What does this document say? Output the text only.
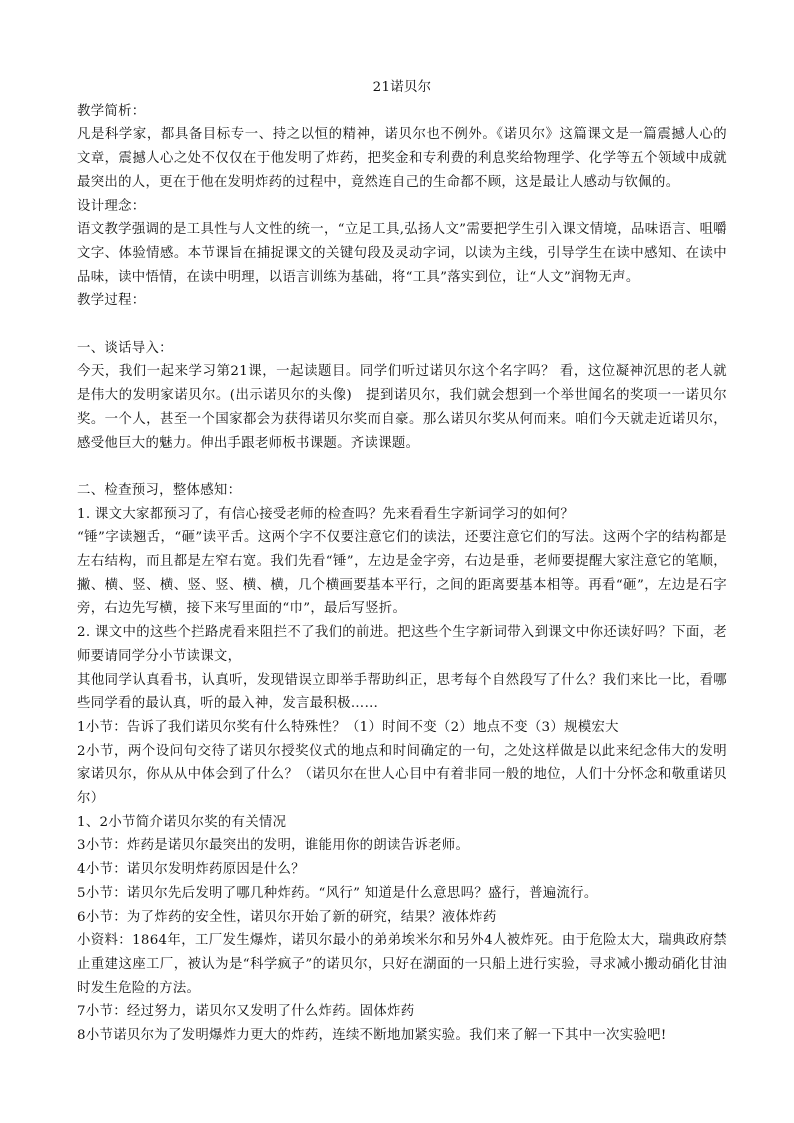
21诺贝尔

教学简析：

凡是科学家，都具备目标专一、持之以恒的精神，诺贝尔也不例外。《诺贝尔》这篇课文是一篇震撼人心的文章，震撼人心之处不仅仅在于他发明了炸药，把奖金和专利费的利息奖给物理学、化学等五个领域中成就最突出的人，更在于他在发明炸药的过程中，竟然连自己的生命都不顾，这是最让人感动与钦佩的。

设计理念：

语文教学强调的是工具性与人文性的统一，“立足工具,弘扬人文”需要把学生引入课文情境，品味语言、咀嚼文字、体验情感。本节课旨在捕捉课文的关键句段及灵动字词，以读为主线，引导学生在读中感知、在读中品味，读中悟情，在读中明理，以语言训练为基础，将“工具”落实到位，让“人文”润物无声。

教学过程：

一、谈话导入：

今天，我们一起来学习第21课，一起读题目。同学们听过诺贝尔这个名字吗？ 看，这位凝神沉思的老人就是伟大的发明家诺贝尔。(出示诺贝尔的头像)　提到诺贝尔，我们就会想到一个举世闻名的奖项一一诺贝尔奖。一个人，甚至一个国家都会为获得诺贝尔奖而自豪。那么诺贝尔奖从何而来。咱们今天就走近诺贝尔，感受他巨大的魅力。伸出手跟老师板书课题。齐读课题。

二、检查预习，整体感知：

1. 课文大家都预习了，有信心接受老师的检查吗？先来看看生字新词学习的如何？

“锤”字读翘舌，“砸”读平舌。这两个字不仅要注意它们的读法，还要注意它们的写法。这两个字的结构都是左右结构，而且都是左窄右宽。我们先看“锤”，左边是金字旁，右边是垂，老师要提醒大家注意它的笔顺，撇、横、竖、横、竖、竖、横、横，几个横画要基本平行，之间的距离要基本相等。再看“砸”，左边是石字旁，右边先写横，接下来写里面的“巾”，最后写竖折。

2. 课文中的这些个拦路虎看来阻拦不了我们的前进。把这些个生字新词带入到课文中你还读好吗？下面，老师要请同学分小节读课文，

其他同学认真看书，认真听，发现错误立即举手帮助纠正，思考每个自然段写了什么？我们来比一比，看哪些同学看的最认真，听的最入神，发言最积极……

1小节：告诉了我们诺贝尔奖有什么特殊性？（1）时间不变（2）地点不变（3）规模宏大

2小节，两个设问句交待了诺贝尔授奖仪式的地点和时间确定的一句，之处这样做是以此来纪念伟大的发明家诺贝尔，你从从中体会到了什么？（诺贝尔在世人心目中有着非同一般的地位，人们十分怀念和敬重诺贝尔）

1、2小节简介诺贝尔奖的有关情况

3小节：炸药是诺贝尔最突出的发明，谁能用你的朗读告诉老师。

4小节：诺贝尔发明炸药原因是什么？

5小节：诺贝尔先后发明了哪几种炸药。“风行” 知道是什么意思吗？盛行，普遍流行。

6小节：为了炸药的安全性，诺贝尔开始了新的研究，结果？液体炸药

小资料：1864年，工厂发生爆炸，诺贝尔最小的弟弟埃米尔和另外4人被炸死。由于危险太大，瑞典政府禁止重建这座工厂，被认为是“科学疯子”的诺贝尔，只好在湖面的一只船上进行实验，寻求减小搬动硝化甘油时发生危险的方法。

7小节：经过努力，诺贝尔又发明了什么炸药。固体炸药

8小节诺贝尔为了发明爆炸力更大的炸药，连续不断地加紧实验。我们来了解一下其中一次实验吧!
